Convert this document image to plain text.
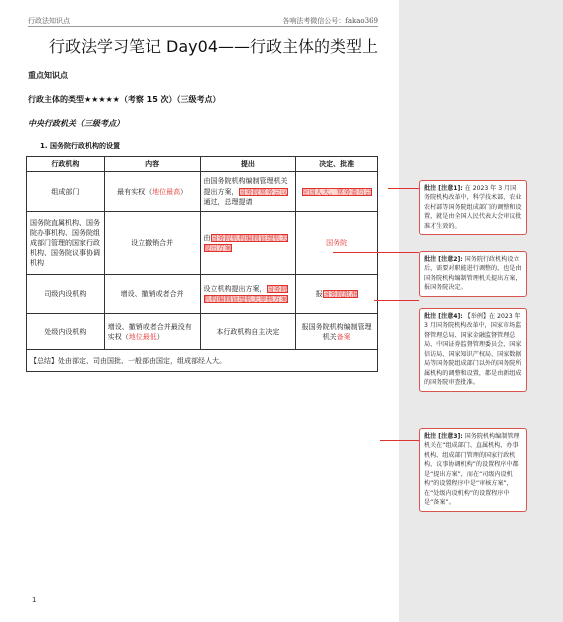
行政法知识点	各响法考微信公号：fakao369
行政法学习笔记 Day04——行政主体的类型上
重点知识点
行政主体的类型★★★★★（考察 15 次）（三级考点）
中央行政机关（三级考点）
1. 国务院行政机构的设置
行政机构	内容	提出	决定、批准
组成部门	最有实权（地位最高）	由国务院机构编制管理机关提出方案，国务院常务会议通过，总理提请	全国人大、常务委员会
国务院直属机构、国务院办事机构、国务院组成部门管理的国家行政机构、国务院议事协调机构	设立撤销合并	由国务院机构编制管理机关提出方案	国务院
司级内设机构	增设、撤销或者合并	设立机构提出方案，国务院机构编制管理机关审核方案	报国务院批准
处级内设机构	增设、撤销或者合并最没有实权（地位最低）	本行政机构自主决定	报国务院机构编制管理机关备案
【总结】处由部定、司由国批、一般部由国定，组成部经人大。			
1
批注 [注意1]: 在 2023 年 3 月国务院机构改革中，科学技术部、农业农村部等国务院组成部门的调整和设置，就是由全国人民代表大会审议批准才生效的。
批注 [注意2]: 国务院行政机构设立后，需要对职能进行调整的，也是由国务院机构编制管理机关提出方案，报国务院决定。
批注 [注意4]: 【举例】在 2023 年 3 月国务院机构改革中，国家市场监督管理总局、国家金融监督管理总局、中国证券监督管理委员会、国家信访局、国家知识产权局、国家数据局等国务院组成部门以外的国务院所属机构的调整和设置，都是由新组成的国务院审查批准。
批注 [注意3]: 国务院机构编制管理机关在“组成部门、直属机构、办事机构、组成部门管理的国家行政机构、议事协调机构”的设置程序中都是“提出方案”，而在“司级内设机构”的设置程序中是“审核方案”，在“处级内设机构”的设置程序中是“备案”。
